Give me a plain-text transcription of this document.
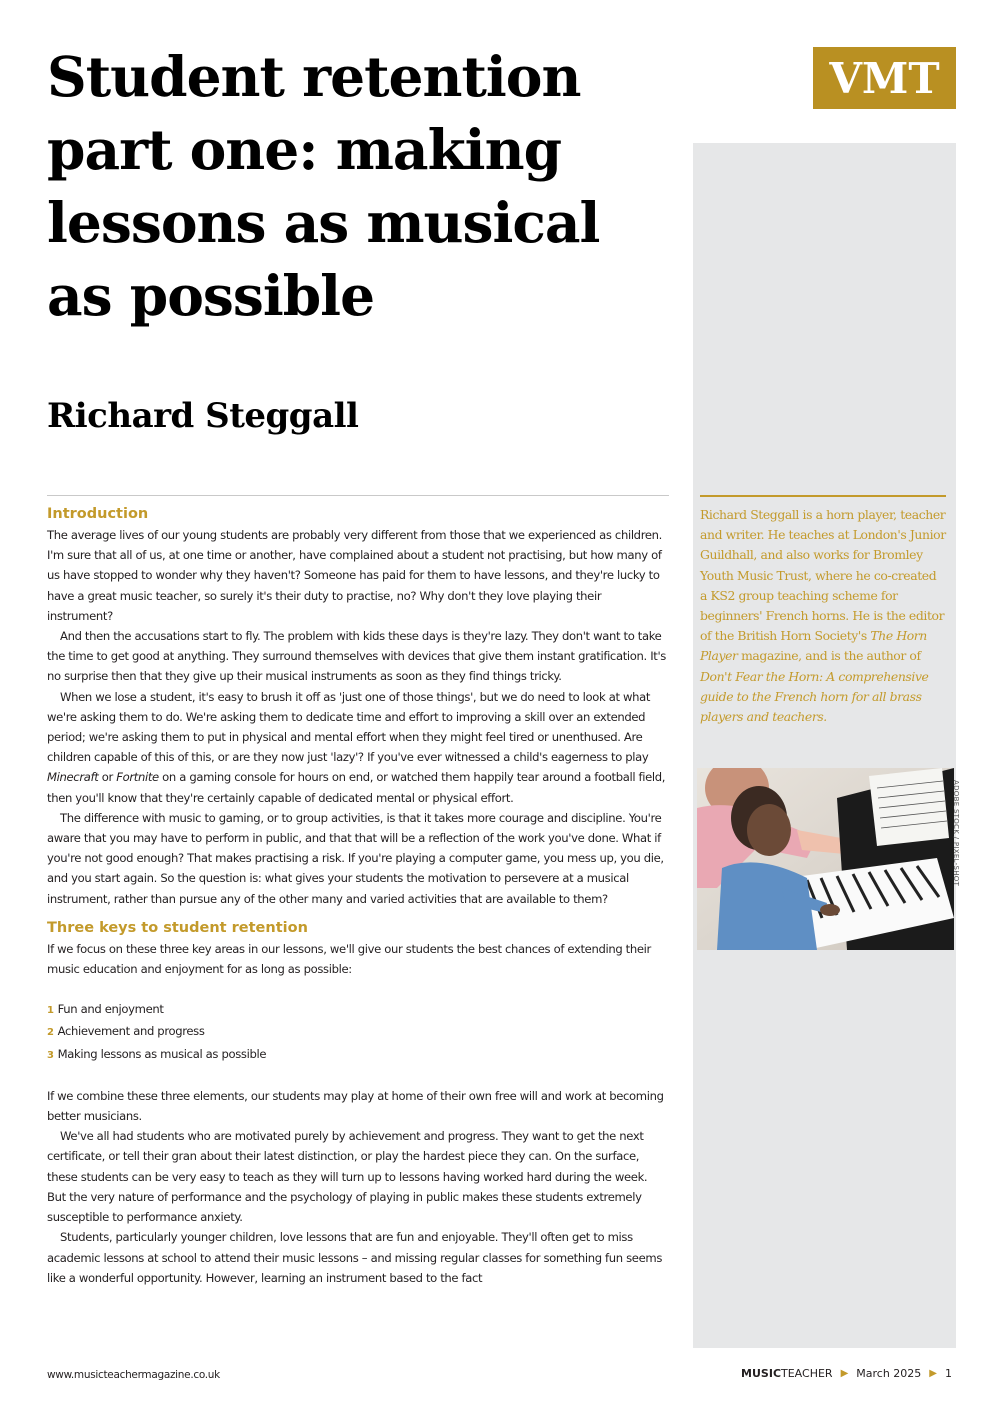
Student retention part one: making lessons as musical as possible
Richard Steggall
VMT
Introduction

The average lives of our young students are probably very different from those that we experienced as children. I'm sure that all of us, at one time or another, have complained about a student not practising, but how many of us have stopped to wonder why they haven't? Someone has paid for them to have lessons, and they're lucky to have a great music teacher, so surely it's their duty to practise, no? Why don't they love playing their instrument?

And then the accusations start to fly. The problem with kids these days is they're lazy. They don't want to take the time to get good at anything. They surround themselves with devices that give them instant gratification. It's no surprise then that they give up their musical instruments as soon as they find things tricky.

When we lose a student, it's easy to brush it off as 'just one of those things', but we do need to look at what we're asking them to do. We're asking them to dedicate time and effort to improving a skill over an extended period; we're asking them to put in physical and mental effort when they might feel tired or unenthused. Are children capable of this of this, or are they now just 'lazy'? If you've ever witnessed a child's eagerness to play Minecraft or Fortnite on a gaming console for hours on end, or watched them happily tear around a football field, then you'll know that they're certainly capable of dedicated mental or physical effort.

The difference with music to gaming, or to group activities, is that it takes more courage and discipline. You're aware that you may have to perform in public, and that that will be a reflection of the work you've done. What if you're not good enough? That makes practising a risk. If you're playing a computer game, you mess up, you die, and you start again. So the question is: what gives your students the motivation to persevere at a musical instrument, rather than pursue any of the other many and varied activities that are available to them?

Three keys to student retention

If we focus on these three key areas in our lessons, we'll give our students the best chances of extending their music education and enjoyment for as long as possible:

1 Fun and enjoyment
2 Achievement and progress
3 Making lessons as musical as possible

If we combine these three elements, our students may play at home of their own free will and work at becoming better musicians.

We've all had students who are motivated purely by achievement and progress. They want to get the next certificate, or tell their gran about their latest distinction, or play the hardest piece they can. On the surface, these students can be very easy to teach as they will turn up to lessons having worked hard during the week. But the very nature of performance and the psychology of playing in public makes these students extremely susceptible to performance anxiety.

Students, particularly younger children, love lessons that are fun and enjoyable. They'll often get to miss academic lessons at school to attend their music lessons – and missing regular classes for something fun seems like a wonderful opportunity. However, learning an instrument based to the fact

Richard Steggall is a horn player, teacher and writer. He teaches at London's Junior Guildhall, and also works for Bromley Youth Music Trust, where he co-created a KS2 group teaching scheme for beginners' French horns. He is the editor of the British Horn Society's The Horn Player magazine, and is the author of Don't Fear the Horn: A comprehensive guide to the French horn for all brass players and teachers.

ADOBE STOCK / PIXEL-SHOT
www.musicteachermagazine.co.uk	MUSIC TEACHER ▶ March 2025 ▶ 1
